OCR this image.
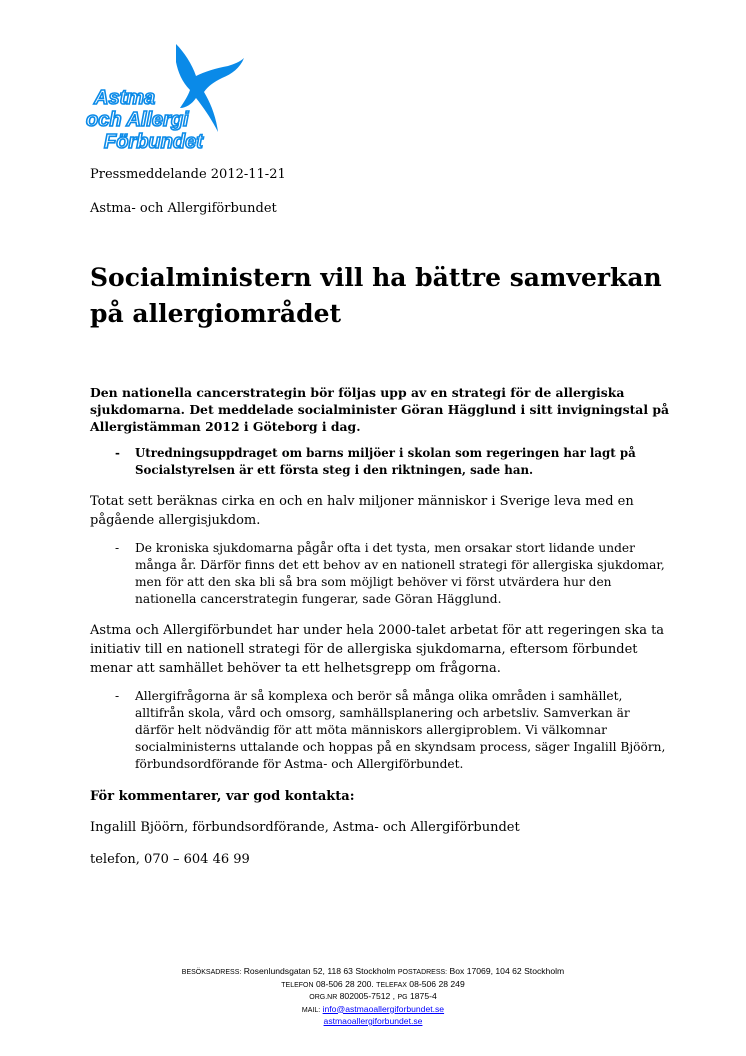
Astma
och Allergi
Förbundet
Pressmeddelande 2012-11-21
Astma- och Allergiförbundet
Socialministern vill ha bättre samverkan på allergiområdet

Den nationella cancerstrategin bör följas upp av en strategi för de allergiska sjukdomarna. Det meddelade socialminister Göran Hägglund i sitt invigningstal på Allergistämman 2012 i Göteborg i dag.

-	Utredningsuppdraget om barns miljöer i skolan som regeringen har lagt på Socialstyrelsen är ett första steg i den riktningen, sade han.

Totat sett beräknas cirka en och en halv miljoner människor i Sverige leva med en pågående allergisjukdom.

-	De kroniska sjukdomarna pågår ofta i det tysta, men orsakar stort lidande under många år. Därför finns det ett behov av en nationell strategi för allergiska sjukdomar, men för att den ska bli så bra som möjligt behöver vi först utvärdera hur den nationella cancerstrategin fungerar, sade Göran Hägglund.

Astma och Allergiförbundet har under hela 2000-talet arbetat för att regeringen ska ta initiativ till en nationell strategi för de allergiska sjukdomarna, eftersom förbundet menar att samhället behöver ta ett helhetsgrepp om frågorna.

-	Allergifrågorna är så komplexa och berör så många olika områden i samhället, alltifrån skola, vård och omsorg, samhällsplanering och arbetsliv. Samverkan är därför helt nödvändig för att möta människors allergiproblem. Vi välkomnar socialministerns uttalande och hoppas på en skyndsam process, säger Ingalill Bjöörn, förbundsordförande för Astma- och Allergiförbundet.

För kommentarer, var god kontakta:

Ingalill Bjöörn, förbundsordförande, Astma- och Allergiförbundet

telefon, 070 – 604 46 99

BESÖKSADRESS: Rosenlundsgatan 52, 118 63 Stockholm POSTADRESS: Box 17069, 104 62 Stockholm
TELEFON 08-506 28 200. TELEFAX 08-506 28 249
ORG.NR 802005-7512 , PG 1875-4
MAIL: info@astmaoallergiforbundet.se
astmaoallergiforbundet.se
